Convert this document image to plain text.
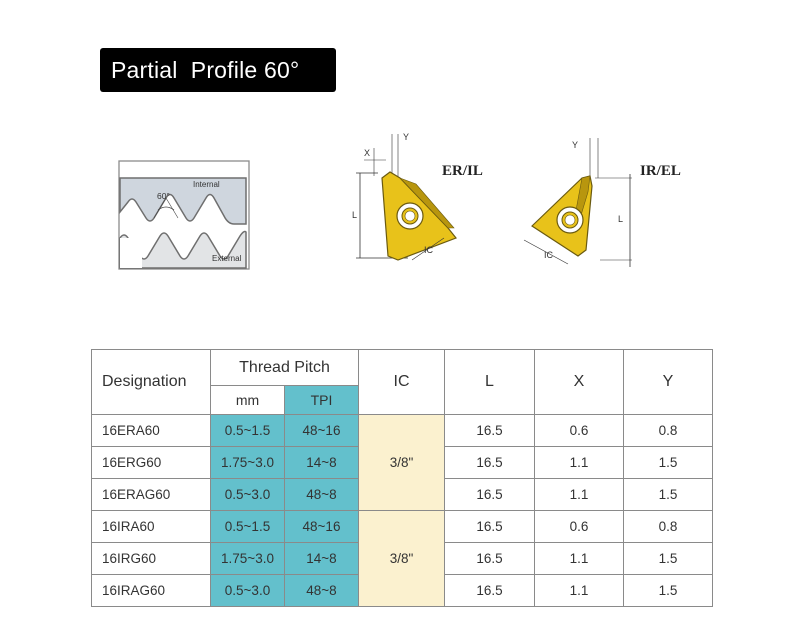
Partial  Profile 60°
60°
Internal
External
L
X
Y
IC
ER/IL
Y
L
IC
IR/EL
Designation	Thread Pitch		IC	L	X	Y
	mm	TPI				
16ERA60	0.5~1.5	48~16	3/8"	16.5	0.6	0.8
16ERG60	1.75~3.0	14~8		16.5	1.1	1.5
16ERAG60	0.5~3.0	48~8		16.5	1.1	1.5
16IRA60	0.5~1.5	48~16	3/8"	16.5	0.6	0.8
16IRG60	1.75~3.0	14~8		16.5	1.1	1.5
16IRAG60	0.5~3.0	48~8		16.5	1.1	1.5
